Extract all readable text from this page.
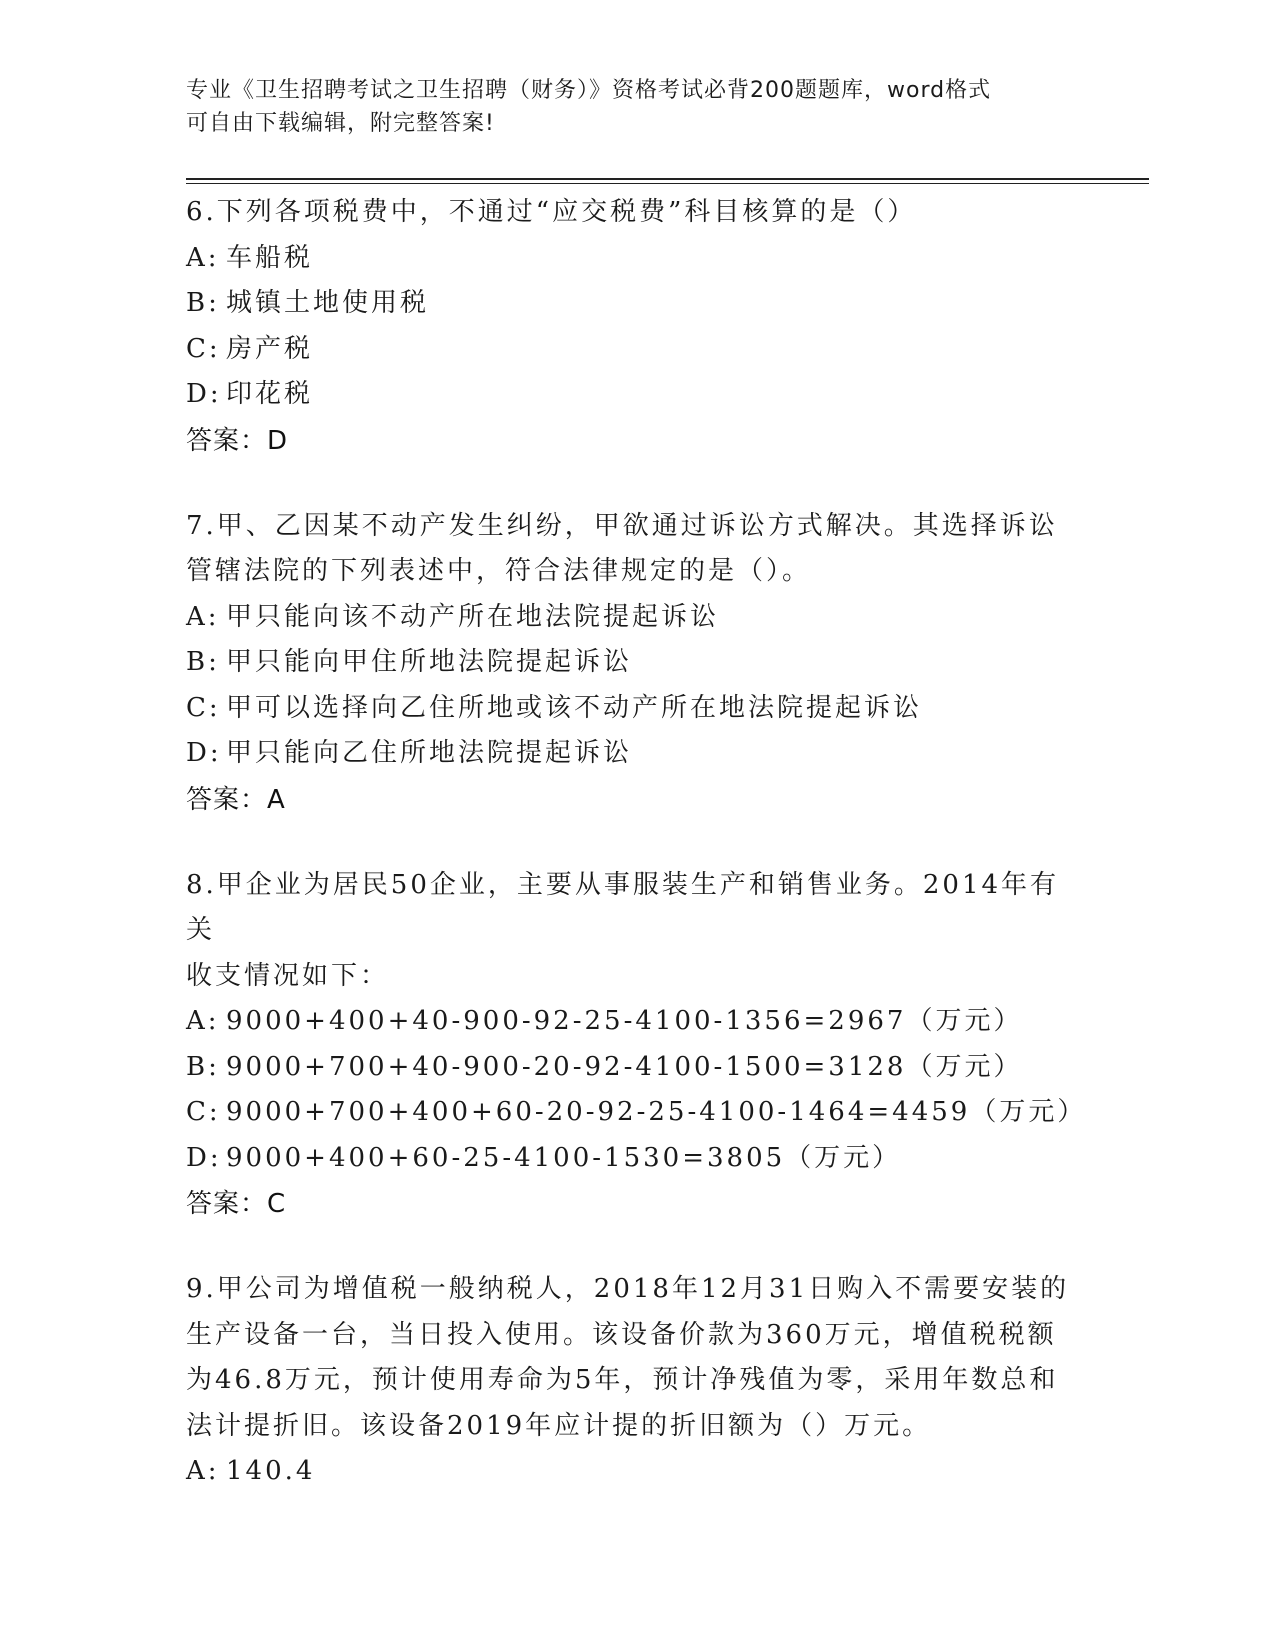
专业《卫生招聘考试之卫生招聘（财务）》资格考试必背200题题库，word格式
可自由下载编辑，附完整答案!
6.下列各项税费中，不通过“应交税费”科目核算的是（）
A: 车船税
B: 城镇土地使用税
C: 房产税
D: 印花税
答案：D
7.甲、乙因某不动产发生纠纷，甲欲通过诉讼方式解决。其选择诉讼
管辖法院的下列表述中，符合法律规定的是（）。
A: 甲只能向该不动产所在地法院提起诉讼
B: 甲只能向甲住所地法院提起诉讼
C: 甲可以选择向乙住所地或该不动产所在地法院提起诉讼
D: 甲只能向乙住所地法院提起诉讼
答案：A
8.甲企业为居民50企业，主要从事服装生产和销售业务。2014年有关
收支情况如下：
A: 9000+400+40-900-92-25-4100-1356=2967（万元）
B: 9000+700+40-900-20-92-4100-1500=3128（万元）
C: 9000+700+400+60-20-92-25-4100-1464=4459（万元）
D: 9000+400+60-25-4100-1530=3805（万元）
答案：C
9.甲公司为增值税一般纳税人，2018年12月31日购入不需要安装的
生产设备一台，当日投入使用。该设备价款为360万元，增值税税额
为46.8万元，预计使用寿命为5年，预计净残值为零，采用年数总和
法计提折旧。该设备2019年应计提的折旧额为（）万元。
A: 140.4
